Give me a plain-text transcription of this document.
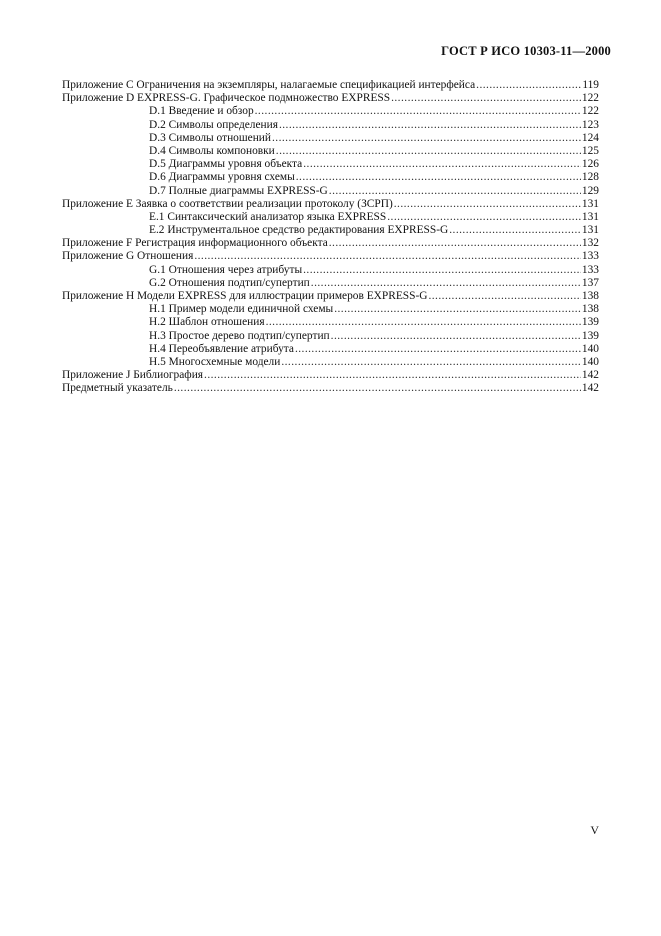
ГОСТ Р ИСО 10303-11—2000
Приложение С Ограничения на экземпляры, налагаемые спецификацией интерфейса . . .	119
Приложение D EXPRESS-G. Графическое подмножество EXPRESS . . .	122
D.1 Введение и обзор . . .	122
D.2 Символы определения . . .	123
D.3 Символы отношений . . .	124
D.4 Символы компоновки . . .	125
D.5 Диаграммы уровня объекта . . .	126
D.6 Диаграммы уровня схемы . . .	128
D.7 Полные диаграммы EXPRESS-G . . .	129
Приложение Е Заявка о соответствии реализации протоколу (ЗСРП) . . .	131
Е.1 Синтаксический анализатор языка EXPRESS . . .	131
Е.2 Инструментальное средство редактирования EXPRESS-G . . .	131
Приложение F Регистрация информационного объекта . . .	132
Приложение G Отношения . . .	133
G.1 Отношения через атрибуты . . .	133
G.2 Отношения подтип/супертип . . .	137
Приложение Н Модели EXPRESS для иллюстрации примеров EXPRESS-G . . .	138
Н.1 Пример модели единичной схемы . . .	138
Н.2 Шаблон отношения . . .	139
Н.3 Простое дерево подтип/супертип . . .	139
Н.4 Переобъявление атрибута . . .	140
Н.5 Многосхемные модели . . .	140
Приложение J Библиография . . .	142
Предметный указатель . . .	142
V
